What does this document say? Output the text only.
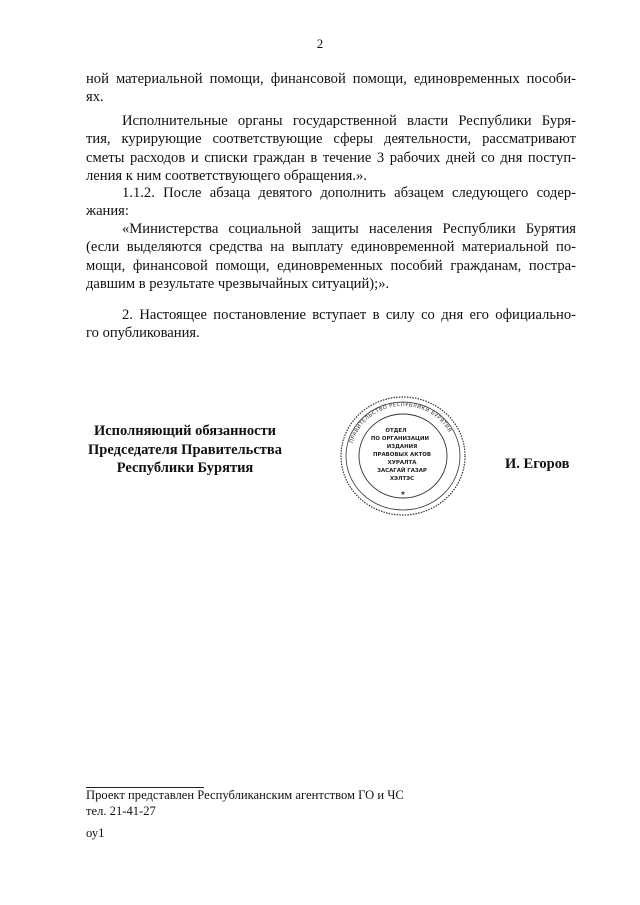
2
ной материальной помощи, финансовой помощи, единовременных пособи-
ях.
Исполнительные органы государственной власти Республики Буря-
тия, курирующие соответствующие сферы деятельности, рассматривают
сметы расходов и списки граждан в течение 3 рабочих дней со дня поступ-
ления к ним соответствующего обращения.».
1.1.2. После абзаца девятого дополнить абзацем следующего содер-
жания:
«Министерства социальной защиты населения Республики Бурятия
(если выделяются средства на выплату единовременной материальной по-
мощи, финансовой помощи, единовременных пособий гражданам, постра-
давшим в результате чрезвычайных ситуаций);».
2. Настоящее постановление вступает в силу со дня его официально-
го опубликования.
Исполняющий обязанности
Председателя Правительства
Республики Бурятия
ПРАВИТЕЛЬСТВО РЕСПУБЛИКИ БУРЯТИЯ
ОТДЕЛ
ПО ОРГАНИЗАЦИИ
ИЗДАНИЯ
ПРАВОВЫХ АКТОВ
ХУРАЛТА
ЗАСАГАЙ ГАЗАР
ХЭЛТЭС
★
И. Егоров
Проект представлен Республиканским агентством ГО и ЧС
тел. 21-41-27
оу1
